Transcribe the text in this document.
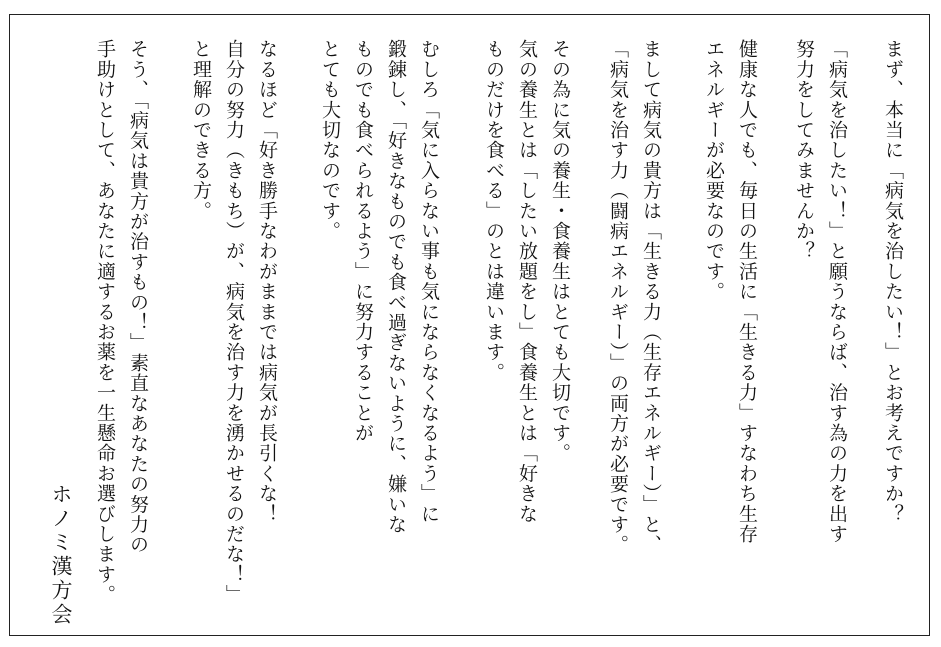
まず、本当に「病気を治したい！」とお考えですか？
「病気を治したい！」と願うならば、治す為の力を出す
努力をしてみませんか？
健康な人でも、毎日の生活に「生きる力」すなわち生存
エネルギーが必要なのです。
まして病気の貴方は「生きる力（生存エネルギー）」と、
「病気を治す力（闘病エネルギー）」の両方が必要です。
その為に気の養生・食養生はとても大切です。
気の養生とは「したい放題をし」食養生とは「好きな
ものだけを食べる」のとは違います。
むしろ「気に入らない事も気にならなくなるよう」に
鍛錬し、「好きなものでも食べ過ぎないように、嫌いな
ものでも食べられるよう」に努力することが
とても大切なのです。
なるほど「好き勝手なわがままでは病気が長引くな！
自分の努力（きもち）が、病気を治す力を湧かせるのだな！」
と理解のできる方。
そう、「病気は貴方が治すもの！」素直なあなたの努力の
手助けとして、あなたに適するお薬を一生懸命お選びします。
ホノミ漢方会
